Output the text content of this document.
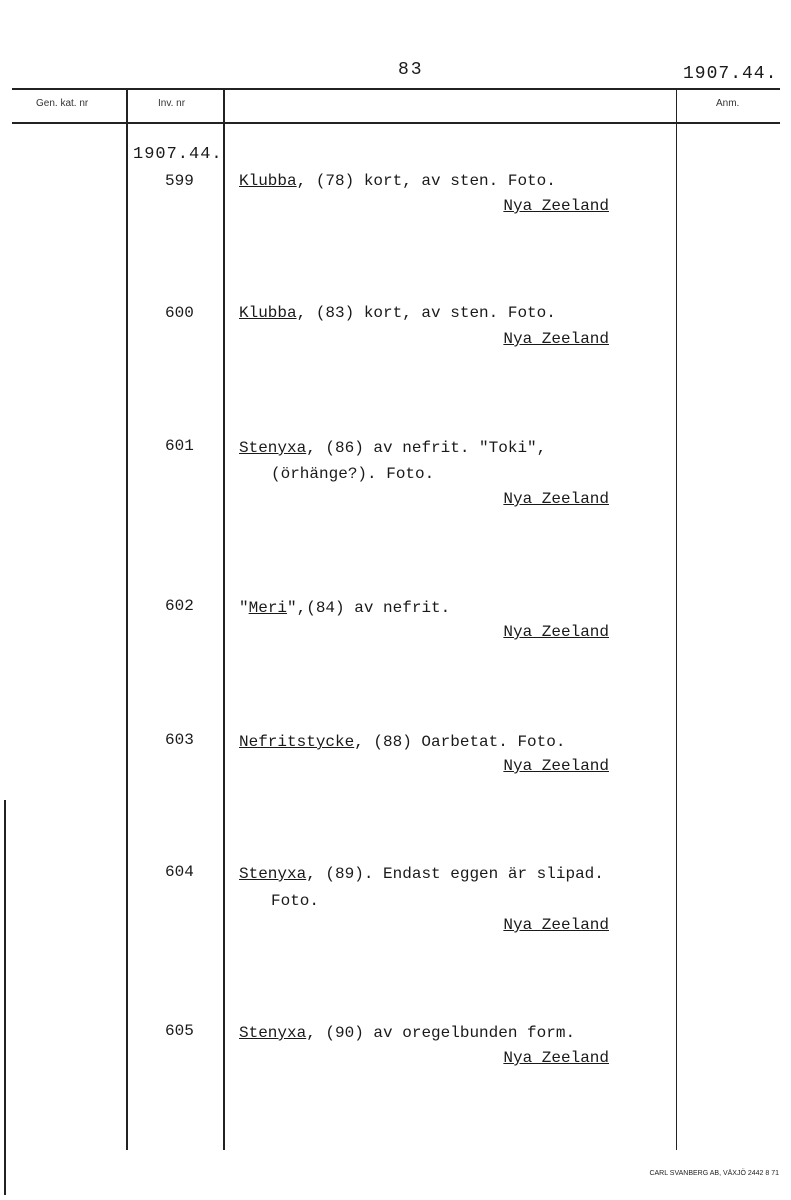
83	1907.44.
Gen. kat. nr	Inv. nr	Anm.
1907.44.
599	Klubba, (78) kort, av sten. Foto.
Nya Zeeland
600	Klubba, (83) kort, av sten. Foto.
Nya Zeeland
601	Stenyxa, (86) av nefrit. "Toki",
(örhänge?). Foto.
Nya Zeeland
602	"Meri",(84) av nefrit.
Nya Zeeland
603	Nefritstycke, (88) Oarbetat. Foto.
Nya Zeeland
604	Stenyxa, (89). Endast eggen är slipad.
Foto.
Nya Zeeland
605	Stenyxa, (90) av oregelbunden form.
Nya Zeeland
CARL SVANBERG AB, VÄXJÖ 2442 8 71
